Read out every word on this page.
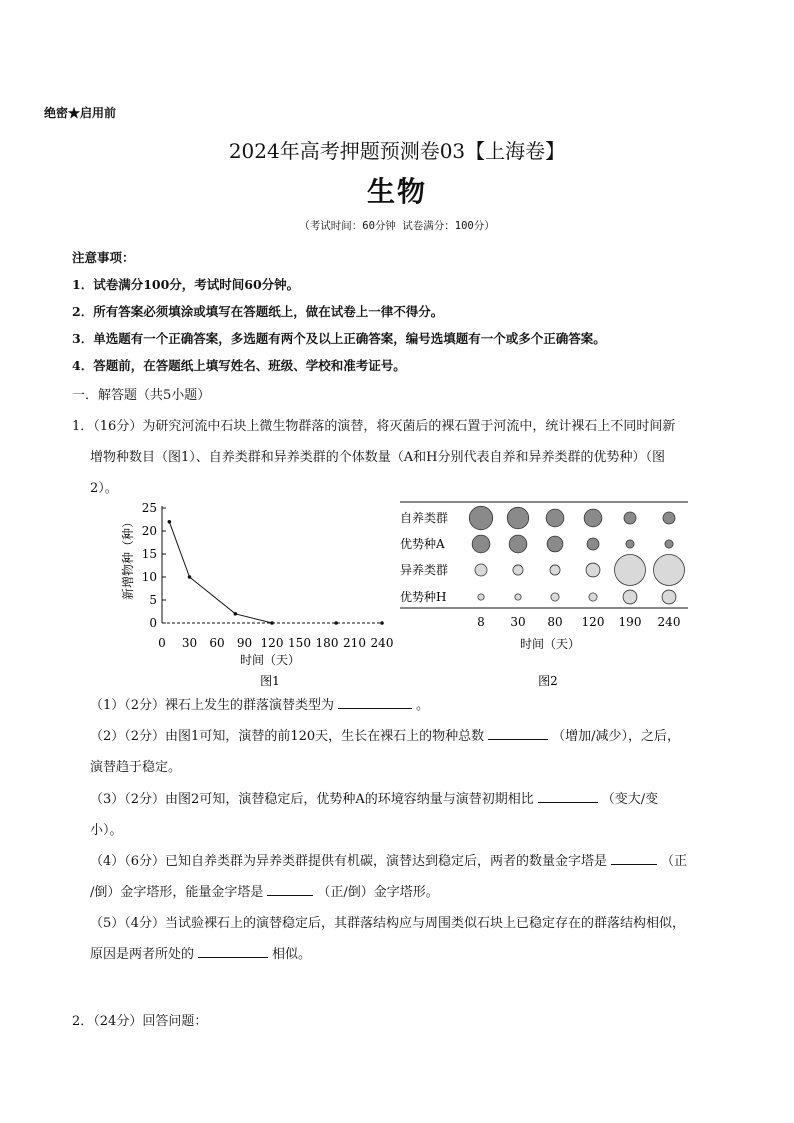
绝密★启用前
2024年高考押题预测卷03【上海卷】
生物
（考试时间：60分钟 试卷满分：100分）
注意事项：
1．试卷满分100分，考试时间60分钟。
2．所有答案必须填涂或填写在答题纸上，做在试卷上一律不得分。
3．单选题有一个正确答案，多选题有两个及以上正确答案，编号选填题有一个或多个正确答案。
4．答题前，在答题纸上填写姓名、班级、学校和准考证号。
一．解答题（共5小题）
1．（16分）为研究河流中石块上微生物群落的演替，将灭菌后的裸石置于河流中，统计裸石上不同时间新
增物种数目（图1）、自养类群和异养类群的个体数量（A和H分别代表自养和异养类群的优势种）（图
2）。
0
5
10
15
20
25
0 30 60 90 120 150 180 210 240
新增物种（种）
时间（天）
图1
自养类群
优势种A
异养类群
优势种H
8 30 80 120 190 240
时间（天）
图2
（1）（2分）裸石上发生的群落演替类型为	。
（2）（2分）由图1可知，演替的前120天，生长在裸石上的物种总数	（增加/减少），之后，
演替趋于稳定。
（3）（2分）由图2可知，演替稳定后，优势种A的环境容纳量与演替初期相比	（变大/变
小）。
（4）（6分）已知自养类群为异养类群提供有机碳，演替达到稳定后，两者的数量金字塔是	（正
/倒）金字塔形，能量金字塔是	（正/倒）金字塔形。
（5）（4分）当试验裸石上的演替稳定后，其群落结构应与周围类似石块上已稳定存在的群落结构相似，
原因是两者所处的	相似。
2．（24分）回答问题：
